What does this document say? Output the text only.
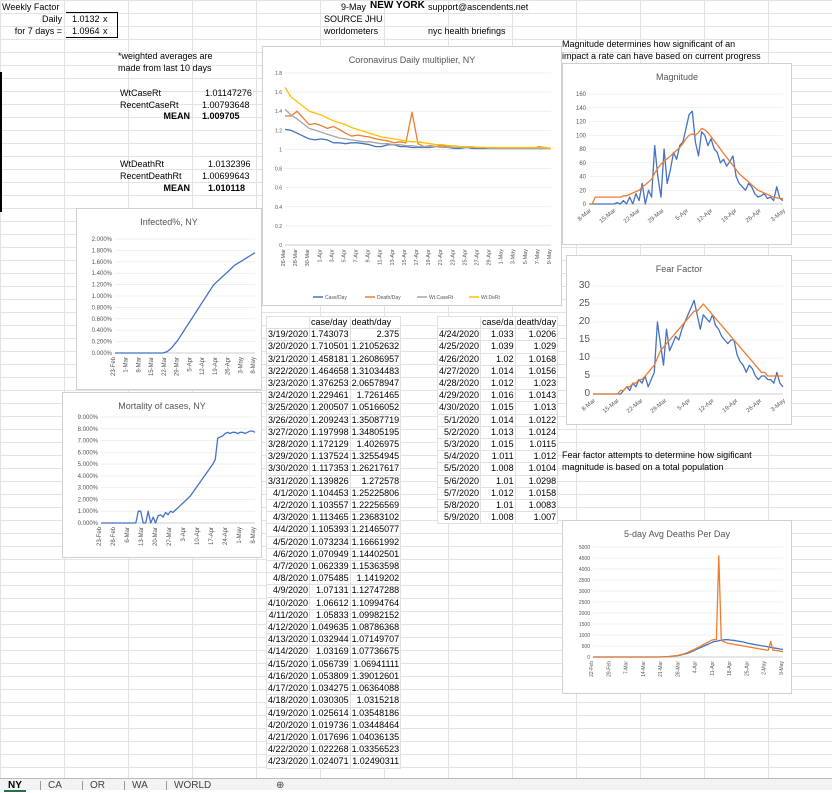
Weekly Factor
Daily 1.0132 x
for 7 days = 1.0964 x
9-May NEW YORK support@ascendents.net
SOURCE JHU
worldometers	nyc health briefings
*weighted averages are
made from last 10 days
Magnitude determines how significant of an
impact a rate can have based on current progress
Fear factor attempts to determine how sigificant
magnitude is based on a total population
WtCaseRt	1.01147276
RecentCaseRt	1.00793648
MEAN 1.009705
WtDeathRt	1.0132396
RecentDeathRt 1.00699643
MEAN 1.010118
	case/day	death/day
3/19/2020	1.743073	2.375
3/20/2020	1.710501	1.21052632
3/21/2020	1.458181	1.26086957
3/22/2020	1.464658	1.31034483
3/23/2020	1.376253	2.06578947
3/24/2020	1.229461	1.7261465
3/25/2020	1.200507	1.05166052
3/26/2020	1.209243	1.35087719
3/27/2020	1.197998	1.34805195
3/28/2020	1.172129	1.4026975
3/29/2020	1.137524	1.32554945
3/30/2020	1.117353	1.26217617
3/31/2020	1.139826	1.272578
4/1/2020	1.104453	1.25225806
4/2/2020	1.103557	1.22256569
4/3/2020	1.113465	1.23683102
4/4/2020	1.105393	1.21465077
4/5/2020	1.073234	1.16661992
4/6/2020	1.070949	1.14402501
4/7/2020	1.062339	1.15363598
4/8/2020	1.075485	1.1419202
4/9/2020	1.07131	1.12747288
4/10/2020	1.06612	1.10994764
4/11/2020	1.05833	1.09982152
4/12/2020	1.049635	1.08786368
4/13/2020	1.032944	1.07149707
4/14/2020	1.03169	1.07736675
4/15/2020	1.056739	1.06941111
4/16/2020	1.053809	1.39012601
4/17/2020	1.034275	1.06364088
4/18/2020	1.030305	1.0315218
4/19/2020	1.025614	1.03548186
4/20/2020	1.019736	1.03448464
4/21/2020	1.017696	1.04036135
4/22/2020	1.022268	1.03356523
4/23/2020	1.024071	1.02490311
	case/da	death/day
4/24/2020	1.033	1.0206
4/25/2020	1.039	1.029
4/26/2020	1.02	1.0168
4/27/2020	1.014	1.0156
4/28/2020	1.012	1.023
4/29/2020	1.016	1.0143
4/30/2020	1.015	1.013
5/1/2020	1.014	1.0122
5/2/2020	1.013	1.0124
5/3/2020	1.015	1.0115
5/4/2020	1.011	1.012
5/5/2020	1.008	1.0104
5/6/2020	1.01	1.0298
5/7/2020	1.012	1.0158
5/8/2020	1.01	1.0083
5/9/2020	1.008	1.007
Coronavirus Daily multiplier, NY
0
0.2
0.4
0.6
0.8
1
1.2
1.4
1.6
1.8
26-Mar 28-Mar 30-Mar 1-Apr 3-Apr 5-Apr 7-Apr 9-Apr 11-Apr 13-Apr 15-Apr 17-Apr 19-Apr 21-Apr 23-Apr 25-Apr 27-Apr 29-Apr 1-May 3-May 5-May 7-May 9-May
Case/Day	Death/Day	Wt.CaseRt	Wt.DeRt
Magnitude
0
20
40
60
80
100
120
140
160
8-Mar 15-Mar 22-Mar 29-Mar 5-Apr 12-Apr 19-Apr 26-Apr 3-May
Fear Factor
0
5
10
15
20
25
30
8-Mar 15-Mar 22-Mar 29-Mar 5-Apr 12-Apr 19-Apr 26-Apr 3-May
Infected%, NY
0.000%
0.200%
0.400%
0.600%
0.800%
1.000%
1.200%
1.400%
1.600%
1.800%
2.000%
23-Feb 1-Mar 8-Mar 15-Mar 22-Mar 29-Mar 5-Apr 12-Apr 19-Apr 26-Apr 3-May 8-May
Mortality of cases, NY
0.000%
1.000%
2.000%
3.000%
4.000%
5.000%
6.000%
7.000%
8.000%
9.000%
23-Feb 28-Feb 6-Mar 13-Mar 20-Mar 27-Mar 3-Apr 10-Apr 17-Apr 24-Apr 1-May 8-May	5-day Avg Deaths Per Day
0
500
1000
1500
2000
2500
3000
3500
4000
4500
5000
22-Feb 29-Feb 7-Mar 14-Mar 21-Mar 28-Mar 4-Apr 11-Apr 18-Apr 25-Apr 2-May 9-May
NY	CA	OR	WA	WORLD	⊕
